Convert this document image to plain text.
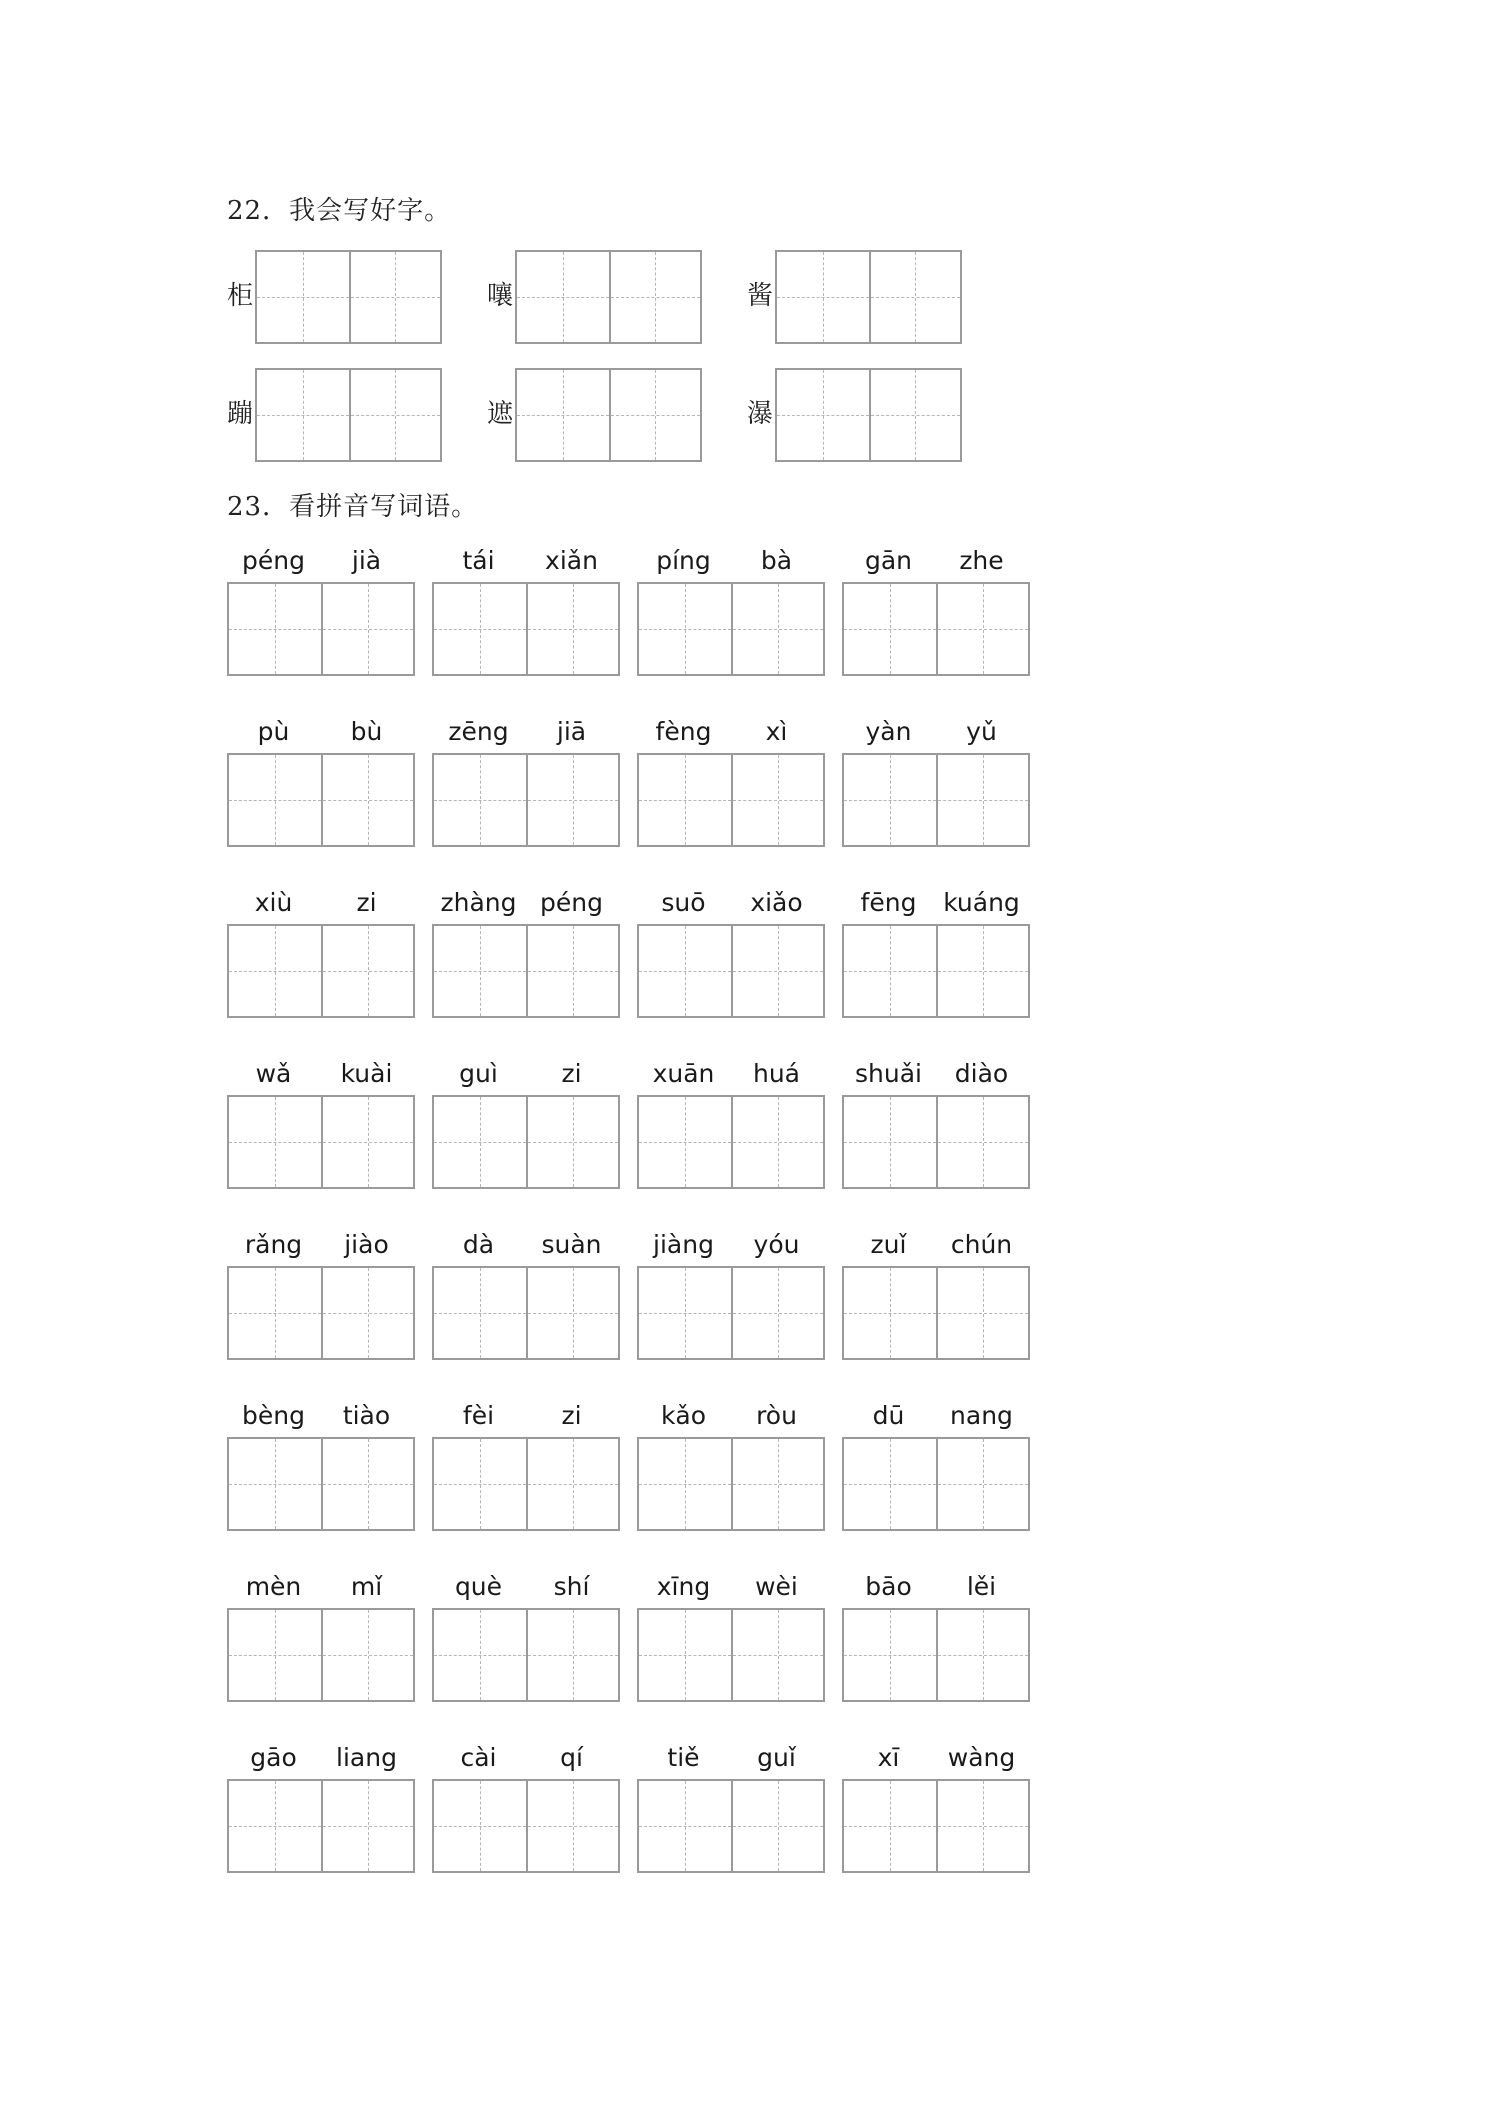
22．我会写好字。
柜	嚷	酱
蹦	遮	瀑
23．看拼音写词语。
péng	jià	tái	xiǎn	píng	bà	gān	zhe
pù	bù	zēng	jiā	fèng	xì	yàn	yǔ
xiù	zi	zhàng péng	suō	xiǎo	fēng	kuáng
wǎ	kuài	guì	zi	xuān	huá	shuǎi	diào
rǎng	jiào	dà	suàn	jiàng	yóu	zuǐ	chún
bèng	tiào	fèi	zi	kǎo	ròu	dū	nang
mèn	mǐ	què	shí	xīng	wèi	bāo	lěi
gāo	liang	cài	qí	tiě	guǐ	xī	wàng
